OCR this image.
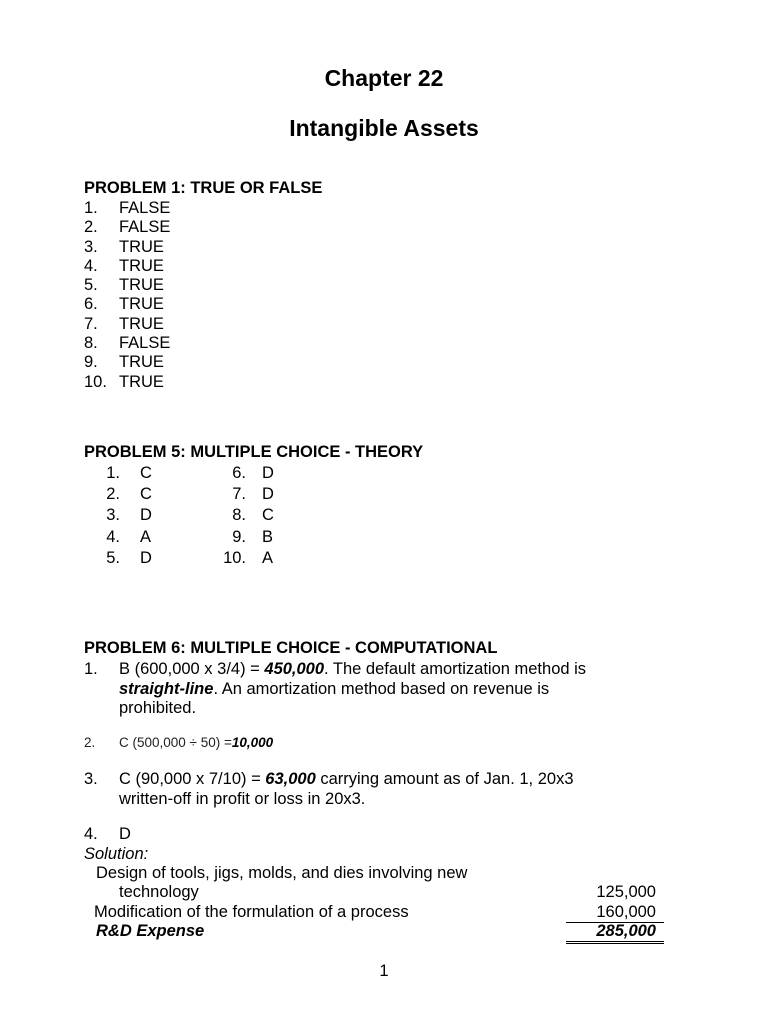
Chapter 22
Intangible Assets
PROBLEM 1: TRUE OR FALSE
1. FALSE
2. FALSE
3. TRUE
4. TRUE
5. TRUE
6. TRUE
7. TRUE
8. FALSE
9. TRUE
10. TRUE
PROBLEM 5: MULTIPLE CHOICE - THEORY
1. C	6. D
2. C	7. D
3. D	8. C
4. A	9. B
5. D	10. A
PROBLEM 6: MULTIPLE CHOICE - COMPUTATIONAL
1. B (600,000 x 3/4) = 450,000. The default amortization method is
straight-line. An amortization method based on revenue is
prohibited.
2. C (500,000 ÷ 50) =10,000
3. C (90,000 x 7/10) = 63,000 carrying amount as of Jan. 1, 20x3
written-off in profit or loss in 20x3.
4. D
Solution:
Design of tools, jigs, molds, and dies involving new
technology	125,000
Modification of the formulation of a process	160,000
R&D Expense	285,000
1
